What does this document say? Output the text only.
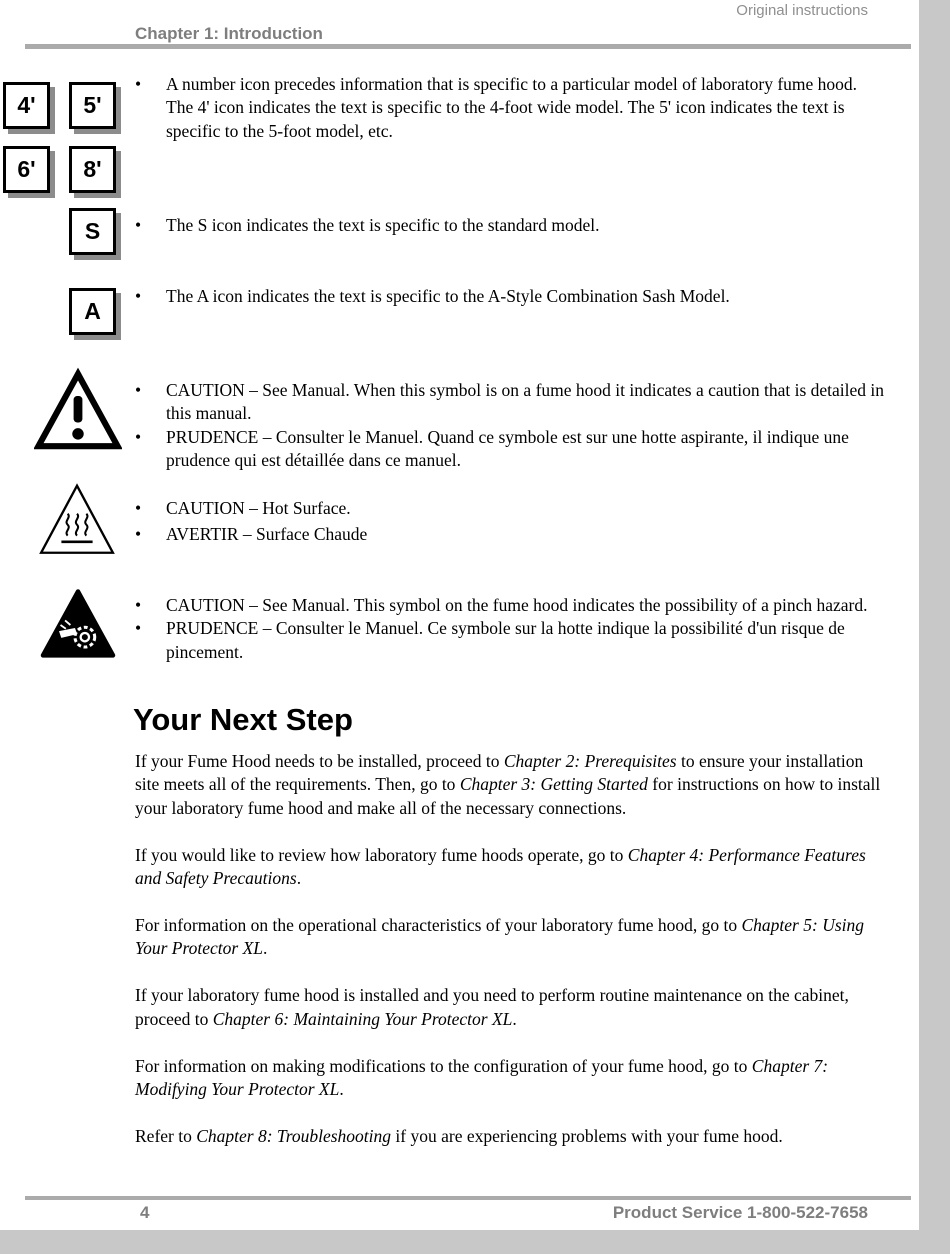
Original instructions
Chapter 1: Introduction
4'	5'
6'	8'
S
A
•	A number icon precedes information that is specific to a particular model of laboratory fume hood. The 4' icon indicates the text is specific to the 4-foot wide model. The 5' icon indicates the text is specific to the 5-foot model, etc.
•	The S icon indicates the text is specific to the standard model.
•	The A icon indicates the text is specific to the A-Style Combination Sash Model.
•	CAUTION – See Manual. When this symbol is on a fume hood it indicates a caution that is detailed in this manual.
•	PRUDENCE – Consulter le Manuel. Quand ce symbole est sur une hotte aspirante, il indique une prudence qui est détaillée dans ce manuel.
•	CAUTION – Hot Surface.
•	AVERTIR – Surface Chaude
•	CAUTION – See Manual. This symbol on the fume hood indicates the possibility of a pinch hazard.
•	PRUDENCE – Consulter le Manuel. Ce symbole sur la hotte indique la possibilité d'un risque de pincement.
Your Next Step

If your Fume Hood needs to be installed, proceed to Chapter 2: Prerequisites to ensure your installation site meets all of the requirements. Then, go to Chapter 3: Getting Started for instructions on how to install your laboratory fume hood and make all of the necessary connections.

If you would like to review how laboratory fume hoods operate, go to Chapter 4: Performance Features and Safety Precautions.

For information on the operational characteristics of your laboratory fume hood, go to Chapter 5: Using Your Protector XL.

If your laboratory fume hood is installed and you need to perform routine maintenance on the cabinet, proceed to Chapter 6: Maintaining Your Protector XL.

For information on making modifications to the configuration of your fume hood, go to Chapter 7: Modifying Your Protector XL.

Refer to Chapter 8: Troubleshooting if you are experiencing problems with your fume hood.

4	Product Service 1-800-522-7658
